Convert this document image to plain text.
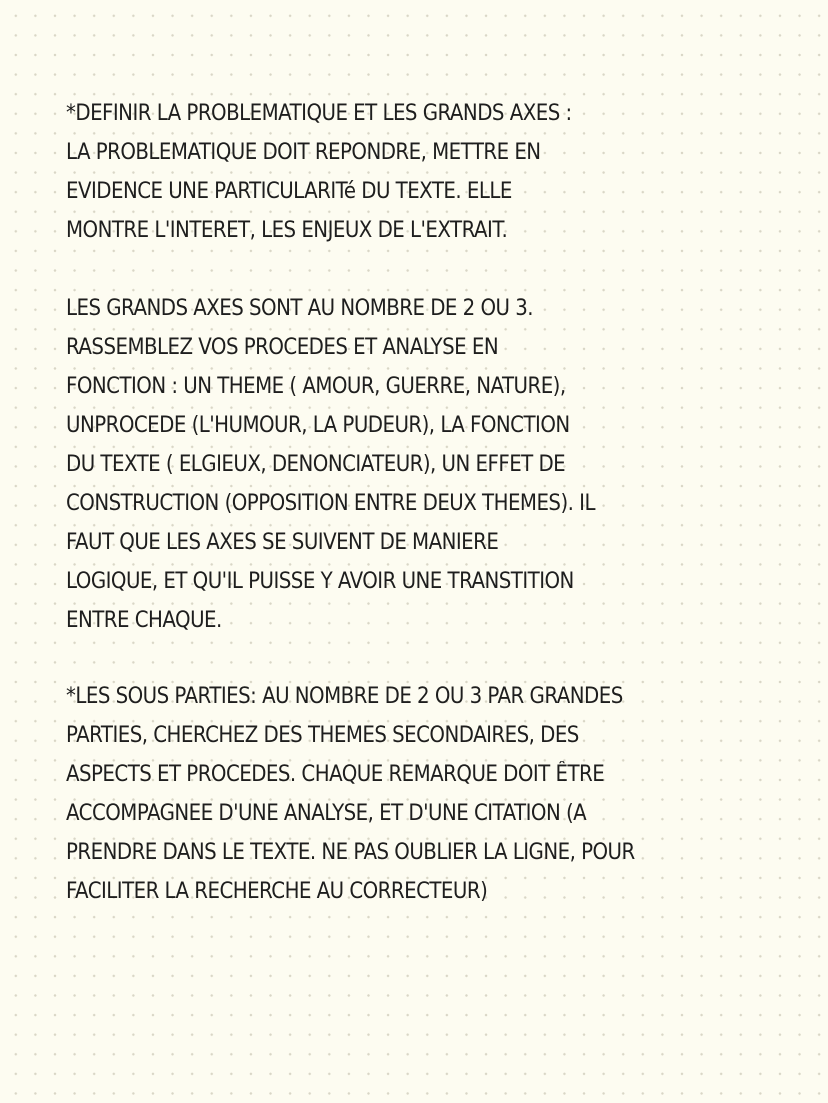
*DEFINIR LA PROBLEMATIQUE ET LES GRANDS AXES :

LA PROBLEMATIQUE DOIT REPONDRE, METTRE EN

EVIDENCE UNE PARTICULARITé DU TEXTE. ELLE

MONTRE L'INTERET, LES ENJEUX DE L'EXTRAIT.

LES GRANDS AXES SONT AU NOMBRE DE 2 OU 3.

RASSEMBLEZ VOS PROCEDES ET ANALYSE EN

FONCTION : UN THEME ( AMOUR, GUERRE, NATURE),

UNPROCEDE (L'HUMOUR, LA PUDEUR), LA FONCTION

DU TEXTE ( ELGIEUX, DENONCIATEUR), UN EFFET DE

CONSTRUCTION (OPPOSITION ENTRE DEUX THEMES). IL

FAUT QUE LES AXES SE SUIVENT DE MANIERE

LOGIQUE, ET QU'IL PUISSE Y AVOIR UNE TRANSTITION

ENTRE CHAQUE.

*LES SOUS PARTIES: AU NOMBRE DE 2 OU 3 PAR GRANDES

PARTIES, CHERCHEZ DES THEMES SECONDAIRES, DES

ASPECTS ET PROCEDES. CHAQUE REMARQUE DOIT ÊTRE

ACCOMPAGNEE D'UNE ANALYSE, ET D'UNE CITATION (A

PRENDRE DANS LE TEXTE. NE PAS OUBLIER LA LIGNE, POUR

FACILITER LA RECHERCHE AU CORRECTEUR)
